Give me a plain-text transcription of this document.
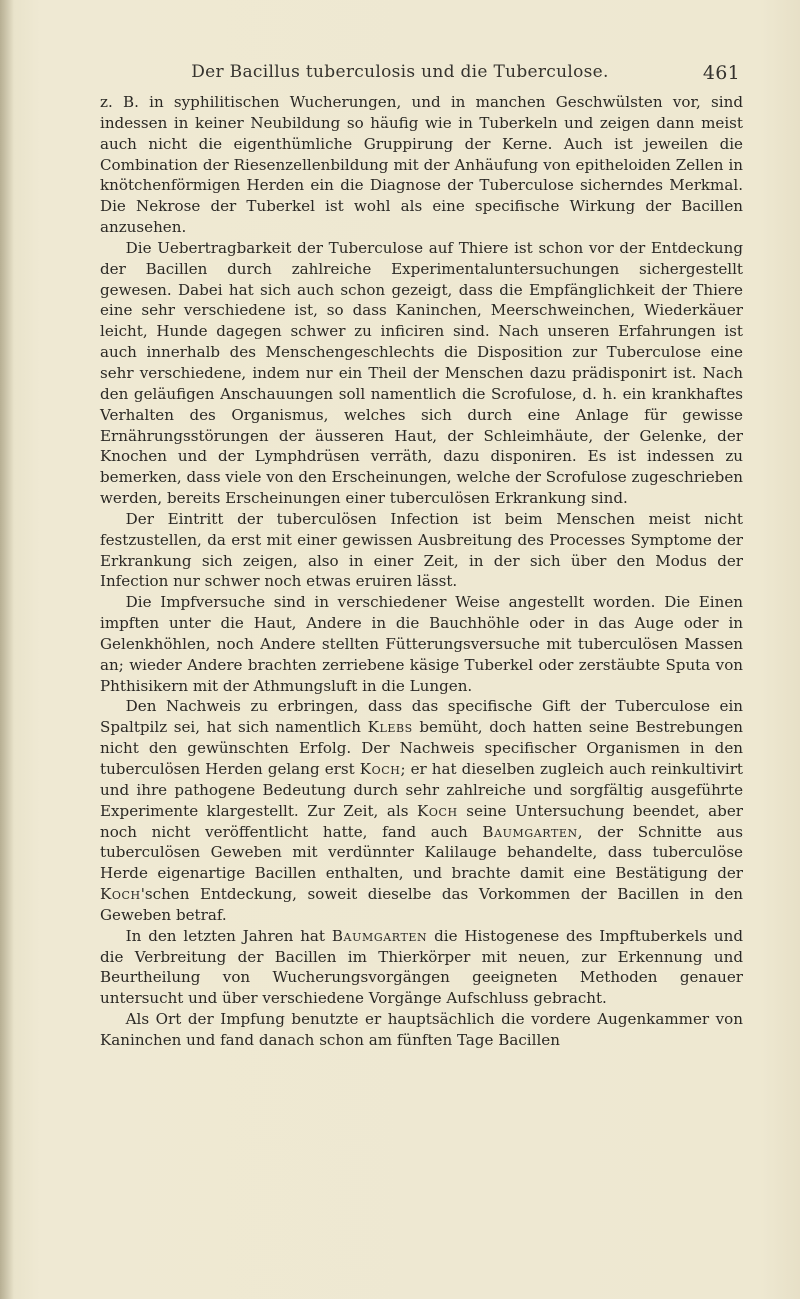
Der Bacillus tuberculosis und die Tuberculose.	461

z. B. in syphilitischen Wucherungen, und in manchen Geschwülsten vor, sind indessen in keiner Neubildung so häufig wie in Tuberkeln und zeigen dann meist auch nicht die eigenthümliche Gruppirung der Kerne. Auch ist jeweilen die Combination der Riesenzellenbildung mit der Anhäufung von epitheloiden Zellen in knötchenförmigen Herden ein die Diagnose der Tuberculose sicherndes Merkmal. Die Nekrose der Tuberkel ist wohl als eine specifische Wirkung der Bacillen anzusehen.

Die Uebertragbarkeit der Tuberculose auf Thiere ist schon vor der Entdeckung der Bacillen durch zahlreiche Experimentaluntersuchungen sichergestellt gewesen. Dabei hat sich auch schon gezeigt, dass die Empfänglichkeit der Thiere eine sehr verschiedene ist, so dass Kaninchen, Meerschweinchen, Wiederkäuer leicht, Hunde dagegen schwer zu inficiren sind. Nach unseren Erfahrungen ist auch innerhalb des Menschengeschlechts die Disposition zur Tuberculose eine sehr verschiedene, indem nur ein Theil der Menschen dazu prädisponirt ist. Nach den geläufigen Anschauungen soll namentlich die Scrofulose, d. h. ein krankhaftes Verhalten des Organismus, welches sich durch eine Anlage für gewisse Ernährungsstörungen der äusseren Haut, der Schleimhäute, der Gelenke, der Knochen und der Lymphdrüsen verräth, dazu disponiren. Es ist indessen zu bemerken, dass viele von den Erscheinungen, welche der Scrofulose zugeschrieben werden, bereits Erscheinungen einer tuberculösen Erkrankung sind.

Der Eintritt der tuberculösen Infection ist beim Menschen meist nicht festzustellen, da erst mit einer gewissen Ausbreitung des Processes Symptome der Erkrankung sich zeigen, also in einer Zeit, in der sich über den Modus der Infection nur schwer noch etwas eruiren lässt.

Die Impfversuche sind in verschiedener Weise angestellt worden. Die Einen impften unter die Haut, Andere in die Bauchhöhle oder in das Auge oder in Gelenkhöhlen, noch Andere stellten Fütterungsversuche mit tuberculösen Massen an; wieder Andere brachten zerriebene käsige Tuberkel oder zerstäubte Sputa von Phthisikern mit der Athmungsluft in die Lungen.

Den Nachweis zu erbringen, dass das specifische Gift der Tuberculose ein Spaltpilz sei, hat sich namentlich Klebs bemüht, doch hatten seine Bestrebungen nicht den gewünschten Erfolg. Der Nachweis specifischer Organismen in den tuberculösen Herden gelang erst Koch; er hat dieselben zugleich auch reinkultivirt und ihre pathogene Bedeutung durch sehr zahlreiche und sorgfältig ausgeführte Experimente klargestellt. Zur Zeit, als Koch seine Untersuchung beendet, aber noch nicht veröffentlicht hatte, fand auch Baumgarten, der Schnitte aus tuberculösen Geweben mit verdünnter Kalilauge behandelte, dass tuberculöse Herde eigenartige Bacillen enthalten, und brachte damit eine Bestätigung der Koch'schen Entdeckung, soweit dieselbe das Vorkommen der Bacillen in den Geweben betraf.

In den letzten Jahren hat Baumgarten die Histogenese des Impftuberkels und die Verbreitung der Bacillen im Thierkörper mit neuen, zur Erkennung und Beurtheilung von Wucherungsvorgängen geeigneten Methoden genauer untersucht und über verschiedene Vorgänge Aufschluss gebracht.

Als Ort der Impfung benutzte er hauptsächlich die vordere Augenkammer von Kaninchen und fand danach schon am fünften Tage Bacillen
